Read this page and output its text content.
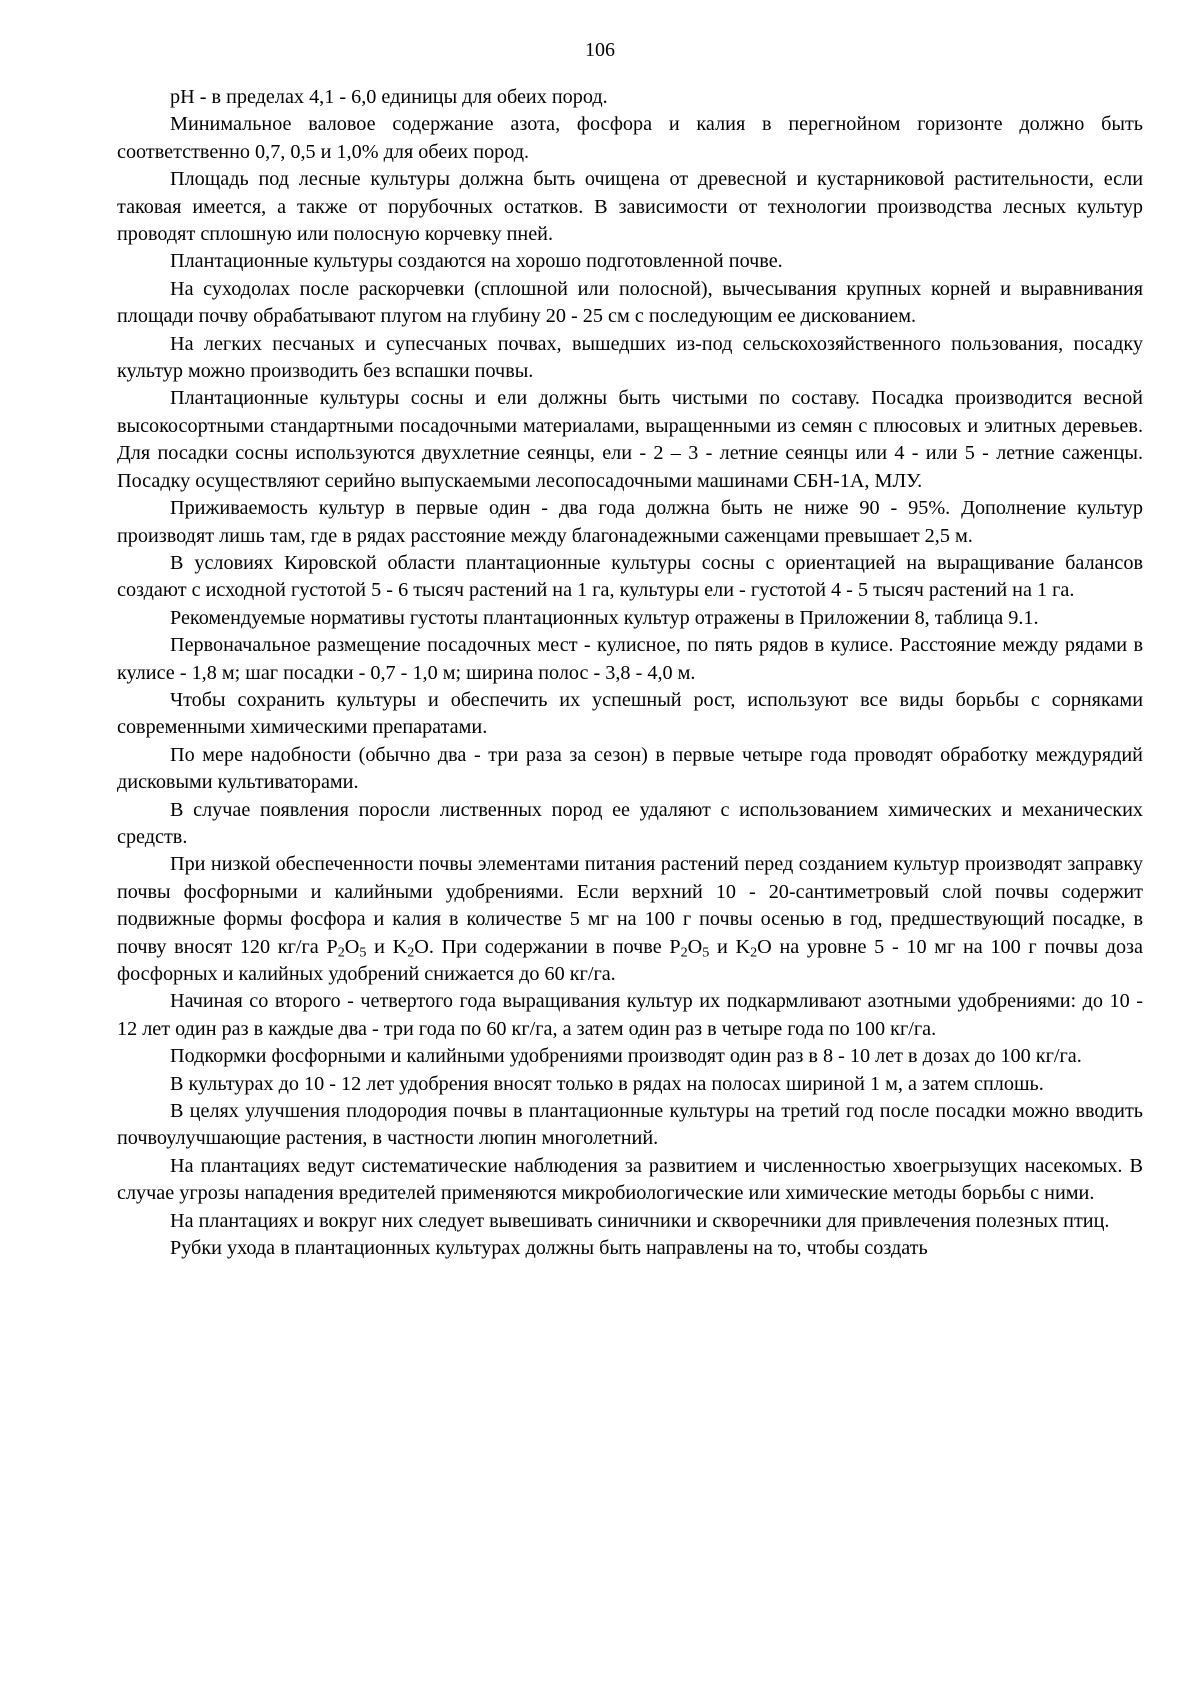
106

pH - в пределах 4,1 - 6,0 единицы для обеих пород.

Минимальное валовое содержание азота, фосфора и калия в перегнойном горизонте должно быть соответственно 0,7, 0,5 и 1,0% для обеих пород.

Площадь под лесные культуры должна быть очищена от древесной и кустарниковой растительности, если таковая имеется, а также от порубочных остатков. В зависимости от технологии производства лесных культур проводят сплошную или полосную корчевку пней.

Плантационные культуры создаются на хорошо подготовленной почве.

На суходолах после раскорчевки (сплошной или полосной), вычесывания крупных корней и выравнивания площади почву обрабатывают плугом на глубину 20 - 25 см с последующим ее дискованием.

На легких песчаных и супесчаных почвах, вышедших из-под сельскохозяйственного пользования, посадку культур можно производить без вспашки почвы.

Плантационные культуры сосны и ели должны быть чистыми по составу. Посадка производится весной высокосортными стандартными посадочными материалами, выращенными из семян с плюсовых и элитных деревьев. Для посадки сосны используются двухлетние сеянцы, ели - 2 – 3 - летние сеянцы или 4 - или 5 - летние саженцы. Посадку осуществляют серийно выпускаемыми лесопосадочными машинами СБН-1А, МЛУ.

Приживаемость культур в первые один - два года должна быть не ниже 90 - 95%. Дополнение культур производят лишь там, где в рядах расстояние между благонадежными саженцами превышает 2,5 м.

В условиях Кировской области плантационные культуры сосны с ориентацией на выращивание балансов создают с исходной густотой 5 - 6 тысяч растений на 1 га, культуры ели - густотой 4 - 5 тысяч растений на 1 га.

Рекомендуемые нормативы густоты плантационных культур отражены в Приложении 8, таблица 9.1.

Первоначальное размещение посадочных мест - кулисное, по пять рядов в кулисе. Расстояние между рядами в кулисе - 1,8 м; шаг посадки - 0,7 - 1,0 м; ширина полос - 3,8 - 4,0 м.

Чтобы сохранить культуры и обеспечить их успешный рост, используют все виды борьбы с сорняками современными химическими препаратами.

По мере надобности (обычно два - три раза за сезон) в первые четыре года проводят обработку междурядий дисковыми культиваторами.

В случае появления поросли лиственных пород ее удаляют с использованием химических и механических средств.

При низкой обеспеченности почвы элементами питания растений перед созданием культур производят заправку почвы фосфорными и калийными удобрениями. Если верхний 10 - 20-сантиметровый слой почвы содержит подвижные формы фосфора и калия в количестве 5 мг на 100 г почвы осенью в год, предшествующий посадке, в почву вносят 120 кг/га $P_2O_5$ и $K_2O$. При содержании в почве $P_2O_5$ и $K_2O$ на уровне 5 - 10 мг на 100 г почвы доза фосфорных и калийных удобрений снижается до 60 кг/га.

Начиная со второго - четвертого года выращивания культур их подкармливают азотными удобрениями: до 10 - 12 лет один раз в каждые два - три года по 60 кг/га, а затем один раз в четыре года по 100 кг/га.

Подкормки фосфорными и калийными удобрениями производят один раз в 8 - 10 лет в дозах до 100 кг/га.

В культурах до 10 - 12 лет удобрения вносят только в рядах на полосах шириной 1 м, а затем сплошь.

В целях улучшения плодородия почвы в плантационные культуры на третий год после посадки можно вводить почвоулучшающие растения, в частности люпин многолетний.

На плантациях ведут систематические наблюдения за развитием и численностью хвоегрызущих насекомых. В случае угрозы нападения вредителей применяются микробиологические или химические методы борьбы с ними.

На плантациях и вокруг них следует вывешивать синичники и скворечники для привлечения полезных птиц.

Рубки ухода в плантационных культурах должны быть направлены на то, чтобы создать
